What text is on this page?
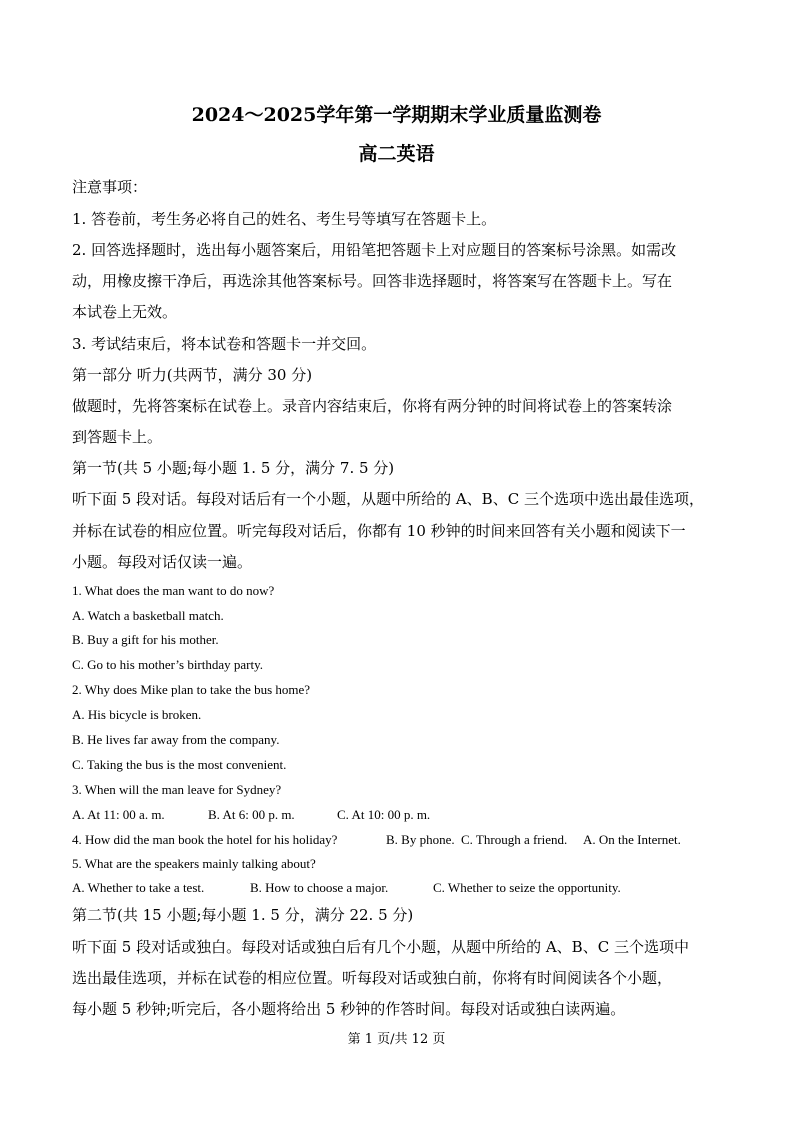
2024～2025学年第一学期期末学业质量监测卷
高二英语
注意事项：
1. 答卷前，考生务必将自己的姓名、考生号等填写在答题卡上。
2. 回答选择题时，选出每小题答案后，用铅笔把答题卡上对应题目的答案标号涂黑。如需改
动，用橡皮擦干净后，再选涂其他答案标号。回答非选择题时，将答案写在答题卡上。写在
本试卷上无效。
3. 考试结束后，将本试卷和答题卡一并交回。
第一部分 听力(共两节，满分 30 分)
做题时，先将答案标在试卷上。录音内容结束后，你将有两分钟的时间将试卷上的答案转涂
到答题卡上。
第一节(共 5 小题;每小题 1. 5 分，满分 7. 5 分)
听下面 5 段对话。每段对话后有一个小题，从题中所给的 A、B、C 三个选项中选出最佳选项，
并标在试卷的相应位置。听完每段对话后，你都有 10 秒钟的时间来回答有关小题和阅读下一
小题。每段对话仅读一遍。
1. What does the man want to do now?
A. Watch a basketball match.
B. Buy a gift for his mother.
C. Go to his mother’s birthday party.
2. Why does Mike plan to take the bus home?
A. His bicycle is broken.
B. He lives far away from the company.
C. Taking the bus is the most convenient.
3. When will the man leave for Sydney?
A. At 11: 00 a. m.	B. At 6: 00 p. m.	C. At 10: 00 p. m.
4. How did the man book the hotel for his holiday?	B. By phone. C. Through a friend. A. On the Internet.
5. What are the speakers mainly talking about?
A. Whether to take a test.	B. How to choose a major.	C. Whether to seize the opportunity.
第二节(共 15 小题;每小题 1. 5 分，满分 22. 5 分)
听下面 5 段对话或独白。每段对话或独白后有几个小题，从题中所给的 A、B、C 三个选项中
选出最佳选项，并标在试卷的相应位置。听每段对话或独白前，你将有时间阅读各个小题，
每小题 5 秒钟;听完后，各小题将给出 5 秒钟的作答时间。每段对话或独白读两遍。
第 1 页/共 12 页
